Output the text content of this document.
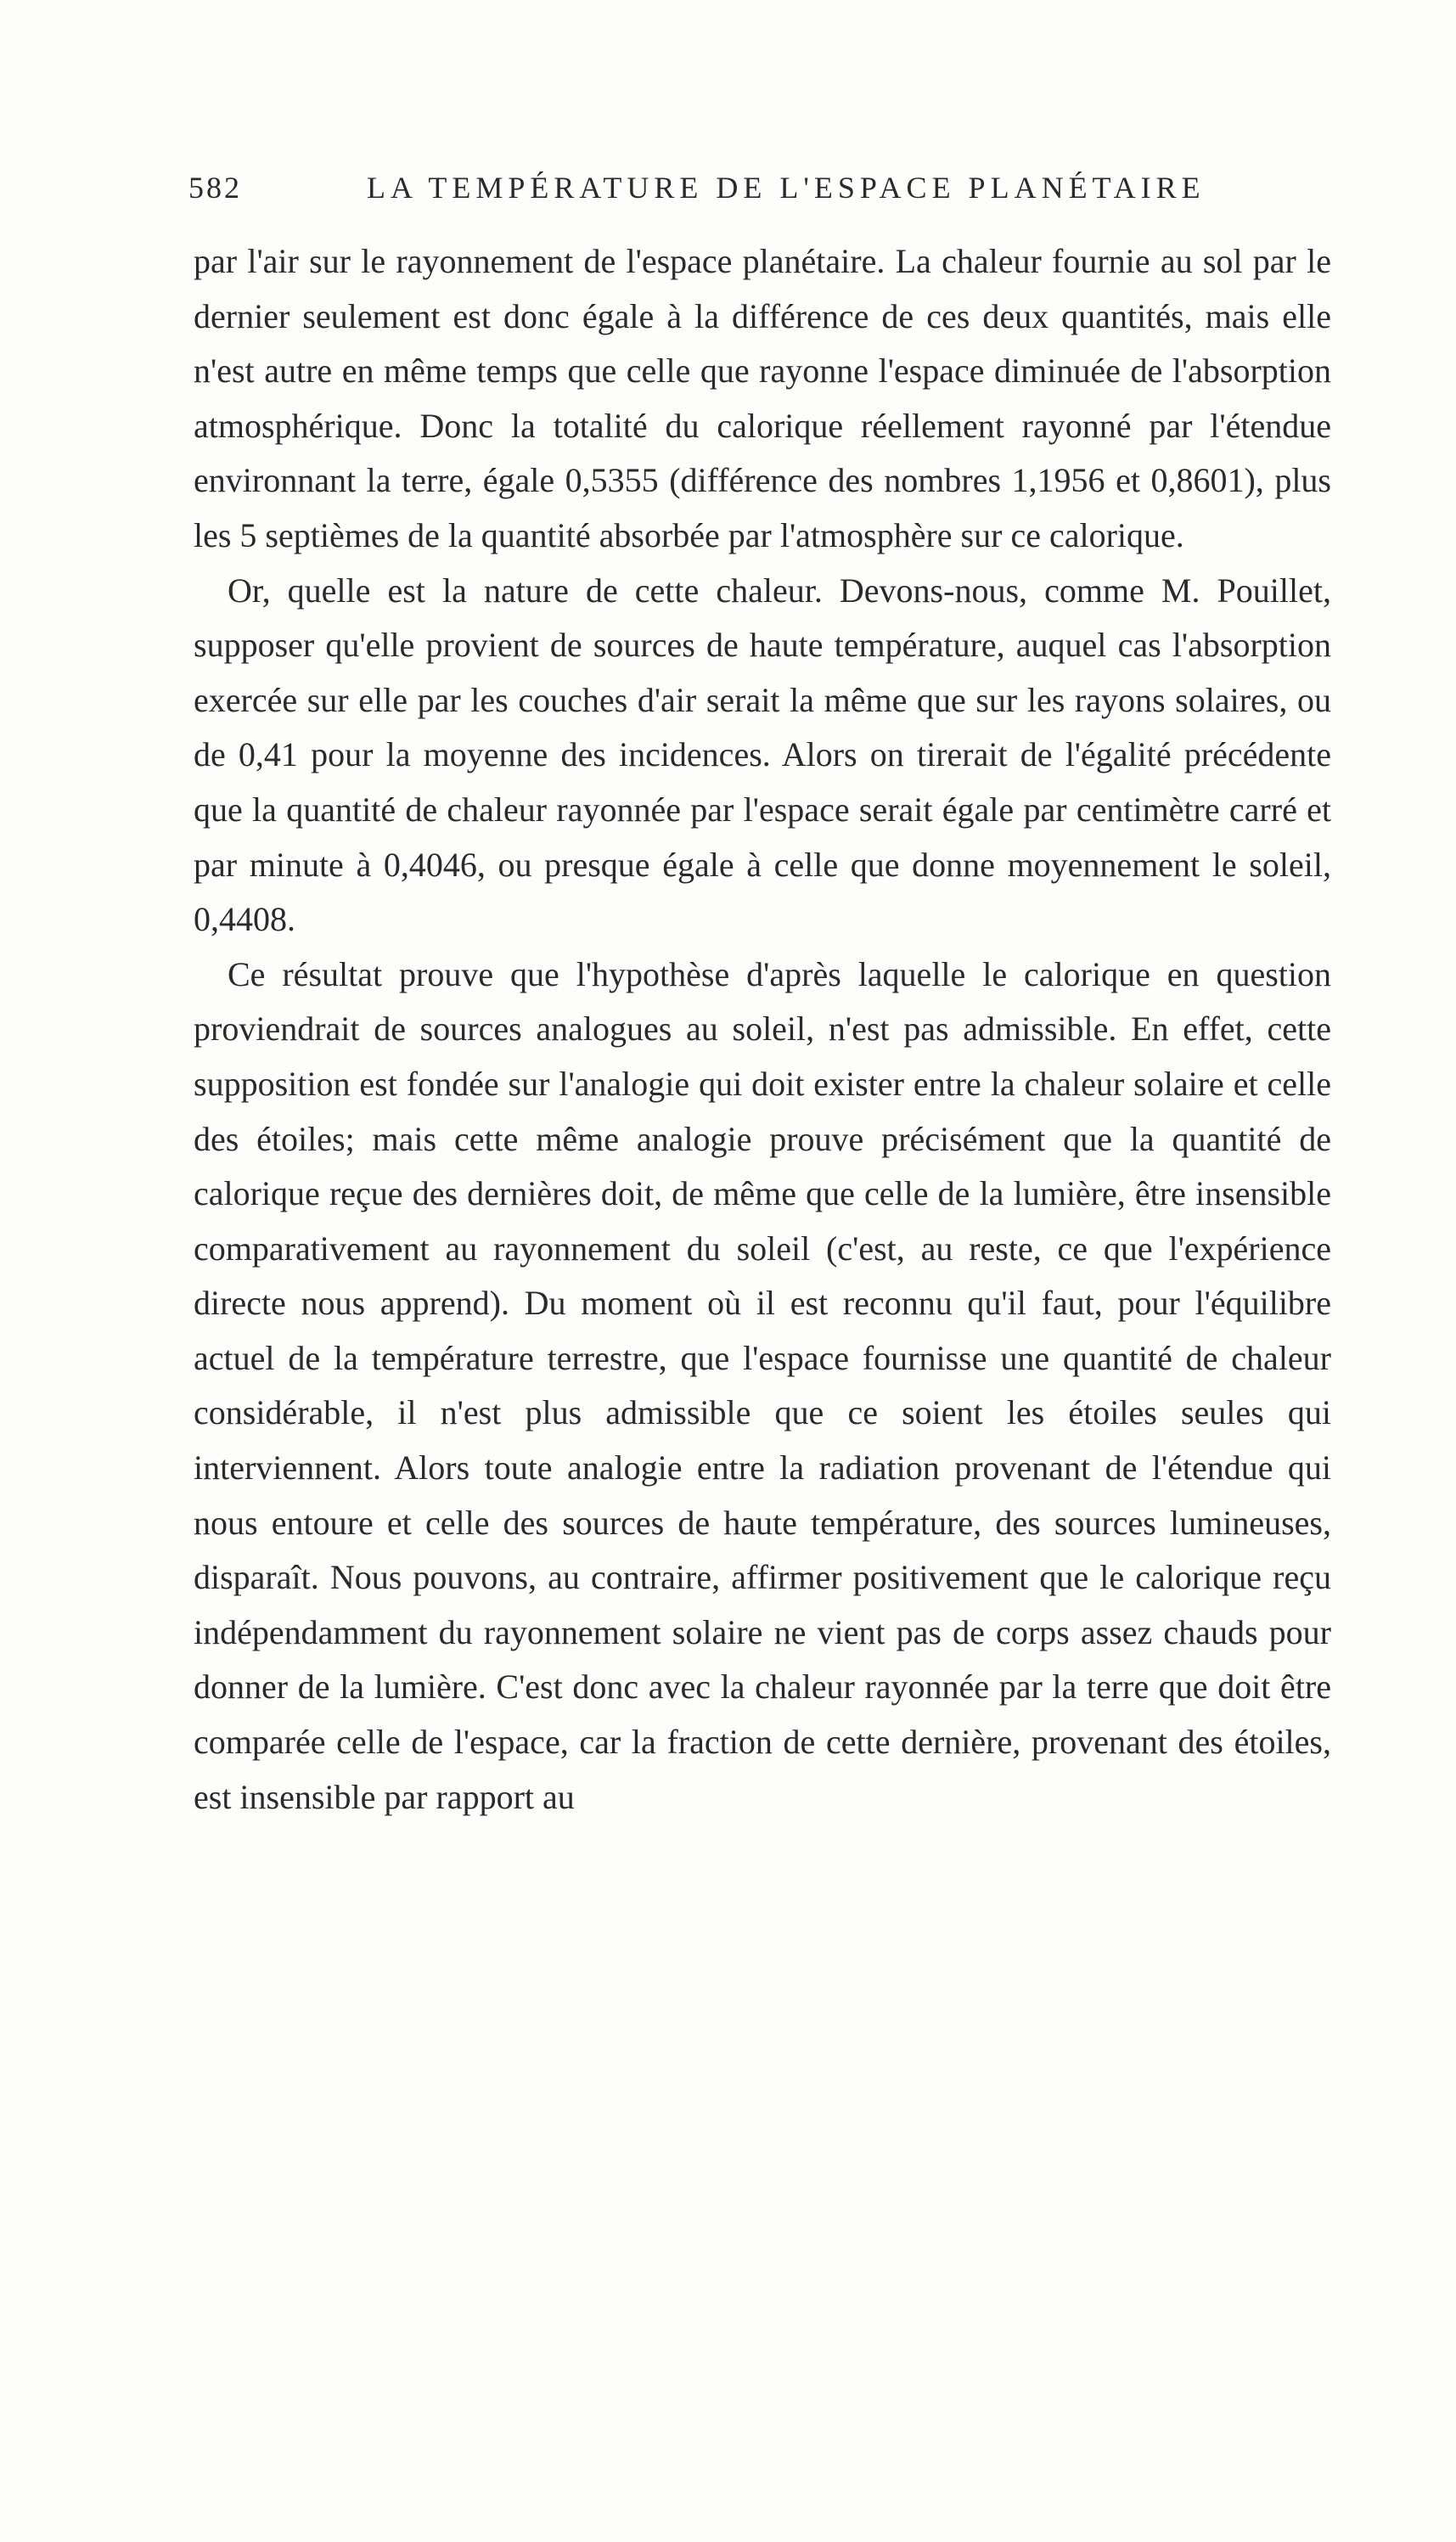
582	LA TEMPÉRATURE DE L'ESPACE PLANÉTAIRE

par l'air sur le rayonnement de l'espace planétaire. La chaleur fournie au sol par le dernier seulement est donc égale à la différence de ces deux quantités, mais elle n'est autre en même temps que celle que rayonne l'espace diminuée de l'absorption atmosphérique. Donc la totalité du calorique réellement rayonné par l'étendue environnant la terre, égale 0,5355 (différence des nombres 1,1956 et 0,8601), plus les 5 septièmes de la quantité absorbée par l'atmosphère sur ce calorique.

Or, quelle est la nature de cette chaleur. Devons-nous, comme M. Pouillet, supposer qu'elle provient de sources de haute température, auquel cas l'absorption exercée sur elle par les couches d'air serait la même que sur les rayons solaires, ou de 0,41 pour la moyenne des incidences. Alors on tirerait de l'égalité précédente que la quantité de chaleur rayonnée par l'espace serait égale par centimètre carré et par minute à 0,4046, ou presque égale à celle que donne moyennement le soleil, 0,4408.

Ce résultat prouve que l'hypothèse d'après laquelle le calorique en question proviendrait de sources analogues au soleil, n'est pas admissible. En effet, cette supposition est fondée sur l'analogie qui doit exister entre la chaleur solaire et celle des étoiles; mais cette même analogie prouve précisément que la quantité de calorique reçue des dernières doit, de même que celle de la lumière, être insensible comparativement au rayonnement du soleil (c'est, au reste, ce que l'expérience directe nous apprend). Du moment où il est reconnu qu'il faut, pour l'équilibre actuel de la température terrestre, que l'espace fournisse une quantité de chaleur considérable, il n'est plus admissible que ce soient les étoiles seules qui interviennent. Alors toute analogie entre la radiation provenant de l'étendue qui nous entoure et celle des sources de haute température, des sources lumineuses, disparaît. Nous pouvons, au contraire, affirmer positivement que le calorique reçu indépendamment du rayonnement solaire ne vient pas de corps assez chauds pour donner de la lumière. C'est donc avec la chaleur rayonnée par la terre que doit être comparée celle de l'espace, car la fraction de cette dernière, provenant des étoiles, est insensible par rapport au
